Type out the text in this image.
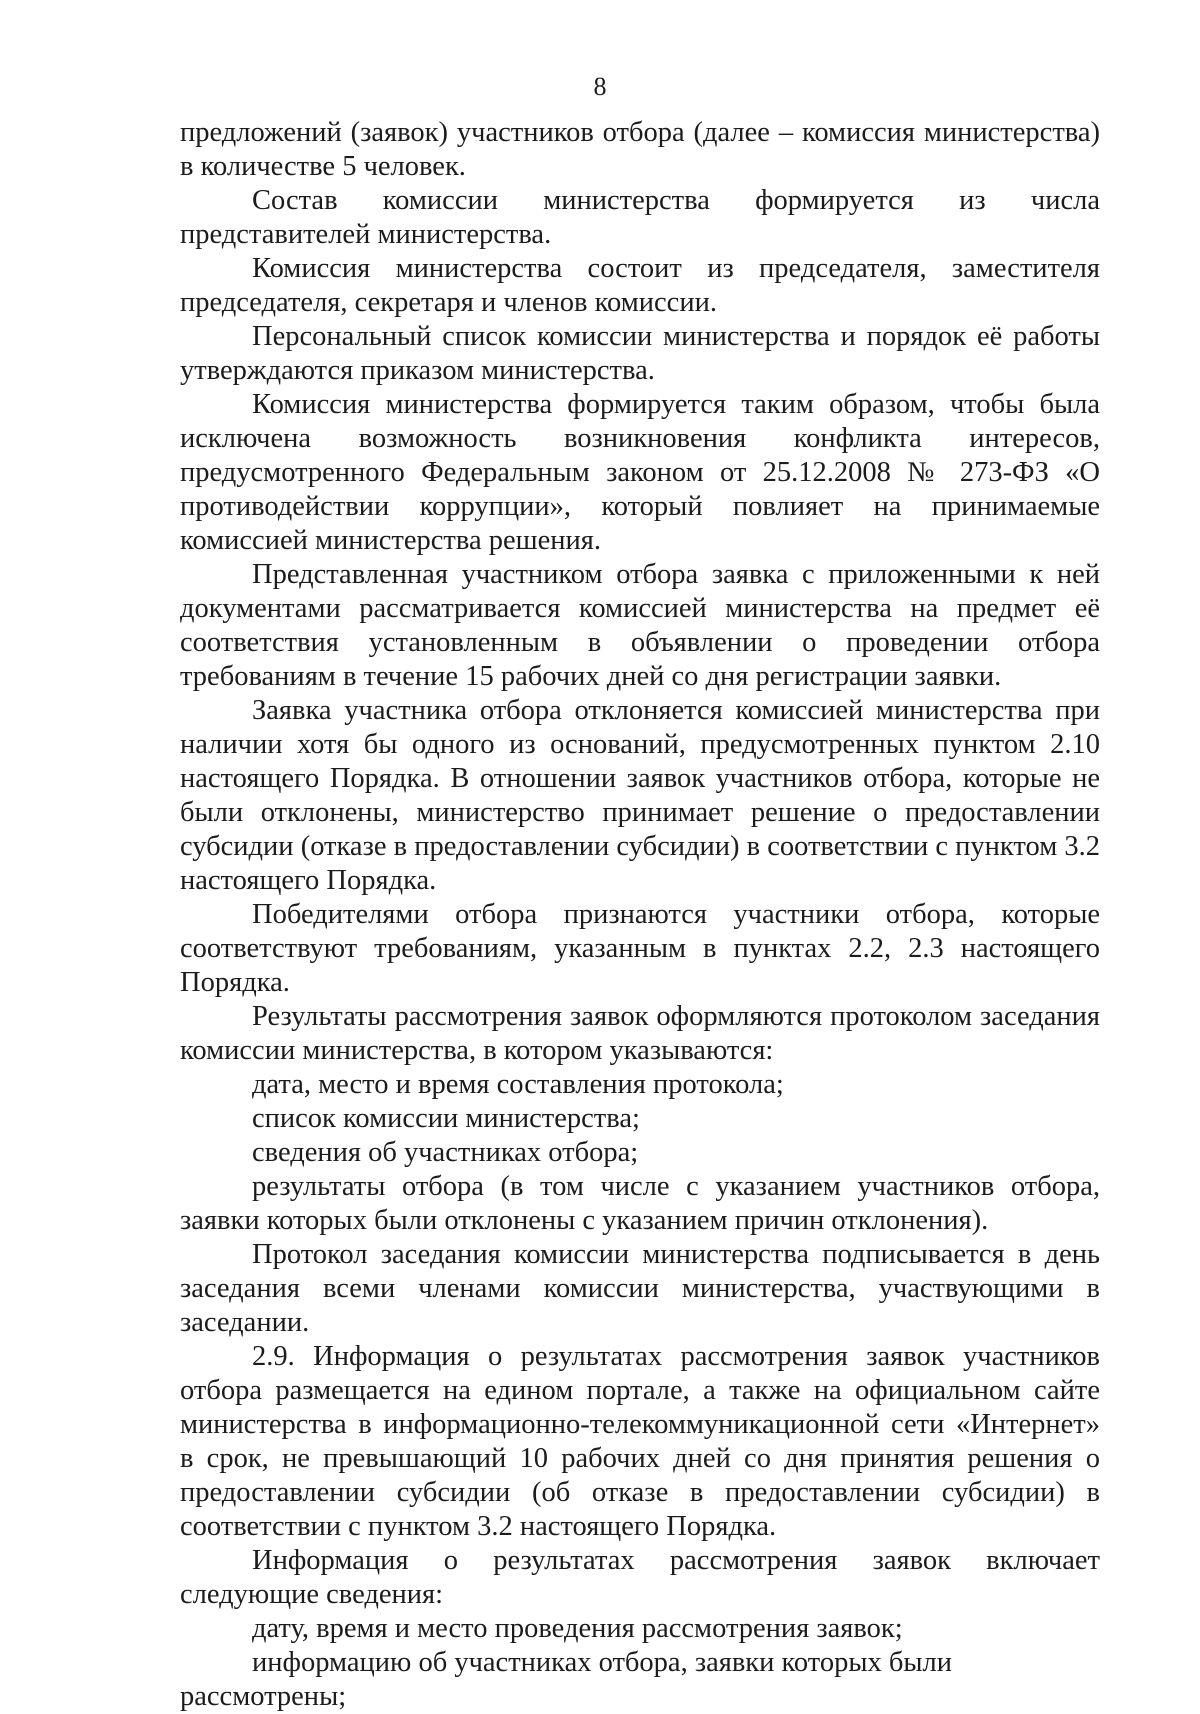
8

предложений (заявок) участников отбора (далее – комиссия министерства) в количестве 5 человек.

Состав комиссии министерства формируется из числа представителей министерства.

Комиссия министерства состоит из председателя, заместителя председателя, секретаря и членов комиссии.

Персональный список комиссии министерства и порядок её работы утверждаются приказом министерства.

Комиссия министерства формируется таким образом, чтобы была исключена возможность возникновения конфликта интересов, предусмотренного Федеральным законом от 25.12.2008 № 273-ФЗ «О противодействии коррупции», который повлияет на принимаемые комиссией министерства решения.

Представленная участником отбора заявка с приложенными к ней документами рассматривается комиссией министерства на предмет её соответствия установленным в объявлении о проведении отбора требованиям в течение 15 рабочих дней со дня регистрации заявки.

Заявка участника отбора отклоняется комиссией министерства при наличии хотя бы одного из оснований, предусмотренных пунктом 2.10 настоящего Порядка. В отношении заявок участников отбора, которые не были отклонены, министерство принимает решение о предоставлении субсидии (отказе в предоставлении субсидии) в соответствии с пунктом 3.2 настоящего Порядка.

Победителями отбора признаются участники отбора, которые соответствуют требованиям, указанным в пунктах 2.2, 2.3 настоящего Порядка.

Результаты рассмотрения заявок оформляются протоколом заседания комиссии министерства, в котором указываются:

дата, место и время составления протокола;

список комиссии министерства;

сведения об участниках отбора;

результаты отбора (в том числе с указанием участников отбора, заявки которых были отклонены с указанием причин отклонения).

Протокол заседания комиссии министерства подписывается в день заседания всеми членами комиссии министерства, участвующими в заседании.

2.9. Информация о результатах рассмотрения заявок участников отбора размещается на едином портале, а также на официальном сайте министерства в информационно-телекоммуникационной сети «Интернет» в срок, не превышающий 10 рабочих дней со дня принятия решения о предоставлении субсидии (об отказе в предоставлении субсидии) в соответствии с пунктом 3.2 настоящего Порядка.

Информация о результатах рассмотрения заявок включает следующие сведения:

дату, время и место проведения рассмотрения заявок;

информацию об участниках отбора, заявки которых были рассмотрены;
